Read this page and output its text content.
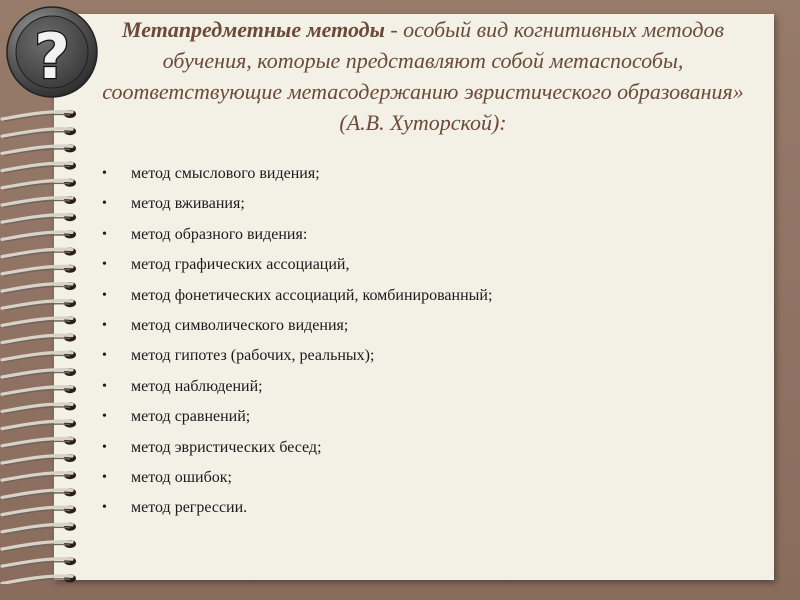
?	Метапредметные методы - особый вид когнитивных методов обучения, которые представляют собой метаспособы, соответствующие метасодержанию эвристического образования» (А.В. Хуторской):

• метод смыслового видения;
• метод вживания;
• метод образного видения:
• метод графических ассоциаций,
• метод фонетических ассоциаций, комбинированный;
• метод символического видения;
• метод гипотез (рабочих, реальных);
• метод наблюдений;
• метод сравнений;
• метод эвристических бесед;
• метод ошибок;
• метод регрессии.
